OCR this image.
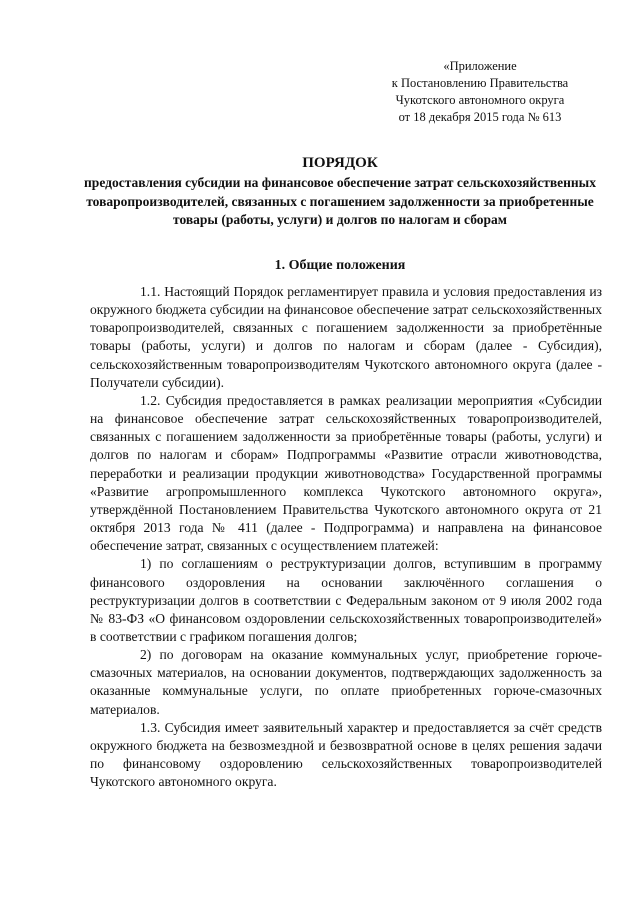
«Приложение
к Постановлению Правительства
Чукотского автономного округа
от 18 декабря 2015 года № 613
ПОРЯДОК
предоставления субсидии на финансовое обеспечение затрат сельскохозяйственных товаропроизводителей, связанных с погашением задолженности за приобретенные товары (работы, услуги) и долгов по налогам и сборам
1. Общие положения

1.1. Настоящий Порядок регламентирует правила и условия предоставления из окружного бюджета субсидии на финансовое обеспечение затрат сельскохозяйственных товаропроизводителей, связанных с погашением задолженности за приобретённые товары (работы, услуги) и долгов по налогам и сборам (далее - Субсидия), сельскохозяйственным товаропроизводителям Чукотского автономного округа (далее - Получатели субсидии).

1.2. Субсидия предоставляется в рамках реализации мероприятия «Субсидии на финансовое обеспечение затрат сельскохозяйственных товаропроизводителей, связанных с погашением задолженности за приобретённые товары (работы, услуги) и долгов по налогам и сборам» Подпрограммы «Развитие отрасли животноводства, переработки и реализации продукции животноводства» Государственной программы «Развитие агропромышленного комплекса Чукотского автономного округа», утверждённой Постановлением Правительства Чукотского автономного округа от 21 октября 2013 года № 411 (далее - Подпрограмма) и направлена на финансовое обеспечение затрат, связанных с осуществлением платежей:

1) по соглашениям о реструктуризации долгов, вступившим в программу финансового оздоровления на основании заключённого соглашения о реструктуризации долгов в соответствии с Федеральным законом от 9 июля 2002 года № 83-ФЗ «О финансовом оздоровлении сельскохозяйственных товаропроизводителей» в соответствии с графиком погашения долгов;

2) по договорам на оказание коммунальных услуг, приобретение горюче-смазочных материалов, на основании документов, подтверждающих задолженность за оказанные коммунальные услуги, по оплате приобретенных горюче-смазочных материалов.

1.3. Субсидия имеет заявительный характер и предоставляется за счёт средств окружного бюджета на безвозмездной и безвозвратной основе в целях решения задачи по финансовому оздоровлению сельскохозяйственных товаропроизводителей Чукотского автономного округа.
